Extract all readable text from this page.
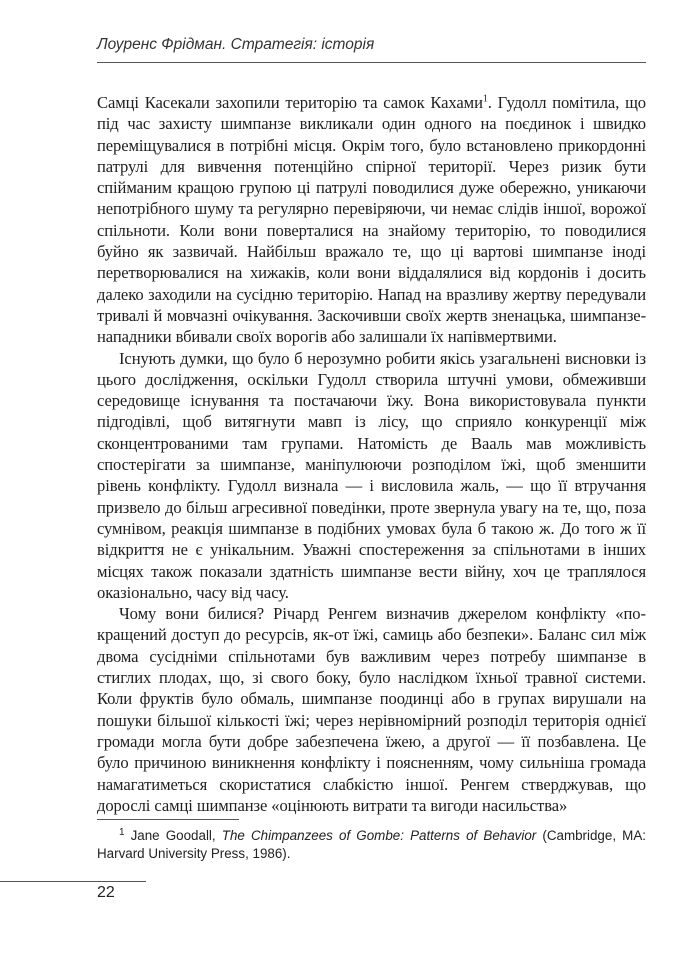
Лоуренс Фрідман. Стратегія: історія

Самці Касекали захопили територію та самок Кахами$^1$. Гудолл помітила, що під час захисту шимпанзе викликали один одного на поєдинок і швидко переміщувалися в потрібні місця. Окрім того, було встановлено прикордонні патрулі для вивчення потенційно спірної території. Через ризик бути спійманим кращою групою ці патрулі поводилися дуже обережно, уникаючи непотрібного шуму та регулярно перевіряючи, чи немає слідів іншої, ворожої спільноти. Коли вони поверталися на знайому територію, то поводилися буйно як зазвичай. Найбільш вражало те, що ці вартові шимпанзе іноді перетворювалися на хижаків, коли вони віддалялися від кордонів і досить далеко заходили на сусідню територію. Напад на вразливу жертву передували тривалі й мовчазні очікування. Заскочивши своїх жертв зненацька, шимпанзе-нападники вбивали своїх ворогів або залишали їх напівмертвими.

Існують думки, що було б нерозумно робити якісь узагальнені висновки із цього дослідження, оскільки Гудолл створила штучні умови, обмеживши середовище існування та постачаючи їжу. Вона використовувала пункти підгодівлі, щоб витягнути мавп із лісу, що сприяло конкуренції між сконцентрованими там групами. Натомість де Вааль мав можливість спостерігати за шимпанзе, маніпулюючи розподілом їжі, щоб зменшити рівень конфлікту. Гудолл визнала — і висловила жаль, — що її втручання призвело до більш агресивної поведінки, проте звернула увагу на те, що, поза сумнівом, реакція шимпанзе в подібних умовах була б такою ж. До того ж її відкриття не є унікальним. Уважні спостереження за спільнотами в інших місцях також показали здатність шимпанзе вести війну, хоч це траплялося оказіонально, часу від часу.

Чому вони билися? Річард Ренгем визначив джерелом конфлікту «покращений доступ до ресурсів, як-от їжі, самиць або безпеки». Баланс сил між двома сусідніми спільнотами був важливим через потребу шимпанзе в стиглих плодах, що, зі свого боку, було наслідком їхньої травної системи. Коли фруктів було обмаль, шимпанзе поодинці або в групах вирушали на пошуки більшої кількості їжі; через нерівномірний розподіл територія однієї громади могла бути добре забезпечена їжею, а другої — її позбавлена. Це було причиною виникнення конфлікту і поясненням, чому сильніша громада намагатиметься скористатися слабкістю іншої. Ренгем стверджував, що дорослі самці шимпанзе «оцінюють витрати та вигоди насильства»

$^1$ Jane Goodall, The Chimpanzees of Gombe: Patterns of Behavior (Cambridge, MA: Harvard University Press, 1986).
22
